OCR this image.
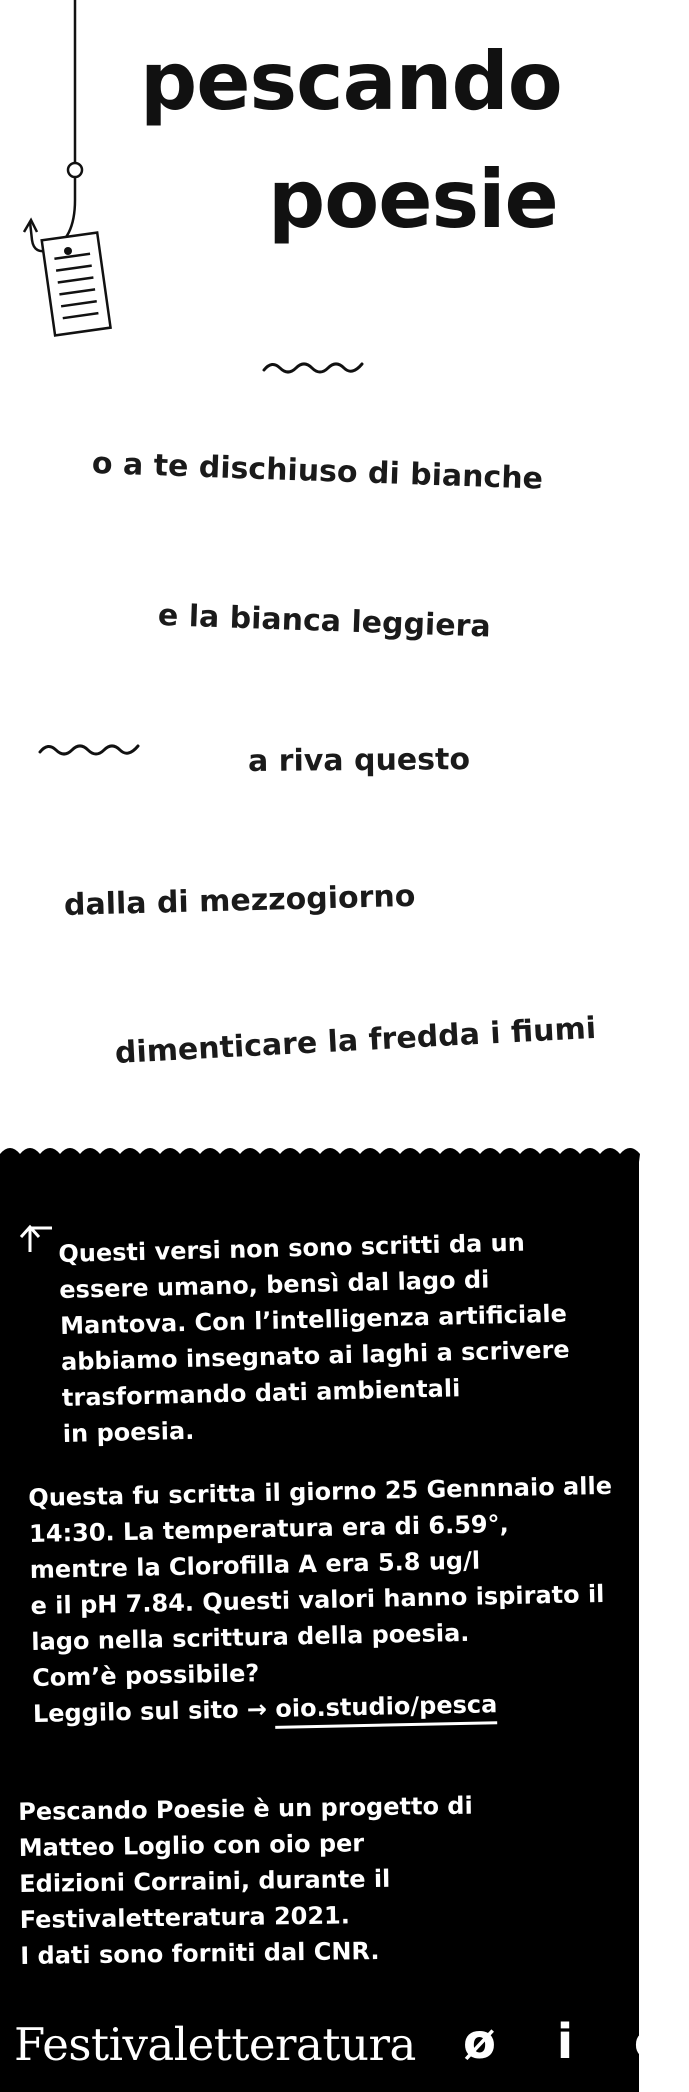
pescando
poesie
o a te dischiuso di bianche
e la bianca leggiera
a riva questo
dalla di mezzogiorno
dimenticare la fredda i fiumi

Questi versi non sono scritti da un

essere umano, bensì dal lago di

Mantova. Con l’intelligenza artificiale

abbiamo insegnato ai laghi a scrivere

trasformando dati ambientali

in poesia.

Questa fu scritta il giorno 25 Gennnaio alle

14:30. La temperatura era di 6.59°,

mentre la Clorofilla A era 5.8 ug/l

e il pH 7.84. Questi valori hanno ispirato il

lago nella scrittura della poesia.

Com’è possibile?

Leggilo sul sito → oio.studio/pesca

Pescando Poesie è un progetto di

Matteo Loglio con oio per

Edizioni Corraini, durante il

Festivaletteratura 2021.

I dati sono forniti dal CNR.

Festivaletteratura ø i o
